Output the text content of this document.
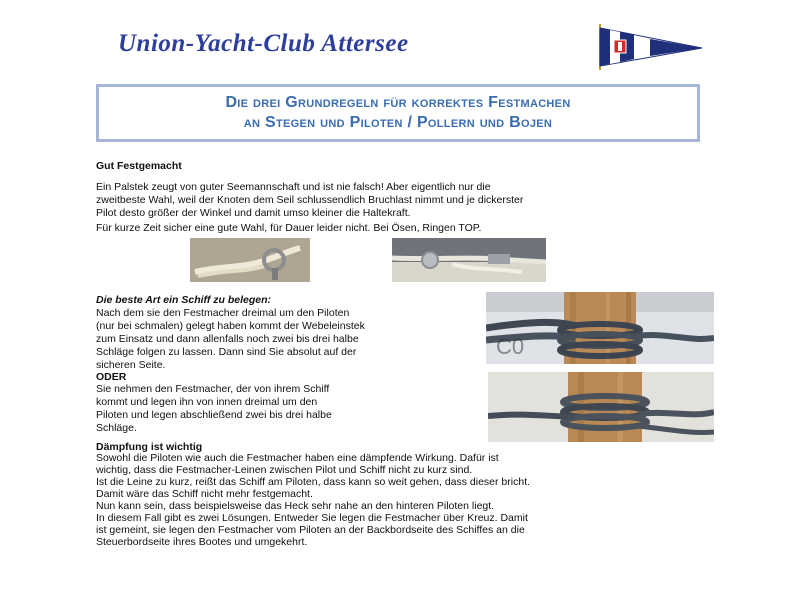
Union-Yacht-Club Attersee
Die drei Grundregeln für korrektes Festmachen
an Stegen und Piloten / Pollern und Bojen
Gut Festgemacht
Ein Palstek zeugt von guter Seemannschaft und ist nie falsch! Aber eigentlich nur die
zweitbeste Wahl, weil der Knoten dem Seil schlussendlich Bruchlast nimmt und je dickerster
Pilot desto größer der Winkel und damit umso kleiner die Haltekraft.
Für kurze Zeit sicher eine gute Wahl, für Dauer leider nicht. Bei Ösen, Ringen TOP.
Die beste Art ein Schiff zu belegen:
Nach dem sie den Festmacher dreimal um den Piloten
(nur bei schmalen) gelegt haben kommt der Webeleinstek
zum Einsatz und dann allenfalls noch zwei bis drei halbe
Schläge folgen zu lassen. Dann sind Sie absolut auf der
sicheren Seite.
ODER
Sie nehmen den Festmacher, der von ihrem Schiff
kommt und legen ihn von innen dreimal um den
Piloten und legen abschließend zwei bis drei halbe
Schläge.
C0
Dämpfung ist wichtig
Sowohl die Piloten wie auch die Festmacher haben eine dämpfende Wirkung. Dafür ist
wichtig, dass die Festmacher-Leinen zwischen Pilot und Schiff nicht zu kurz sind.
Ist die Leine zu kurz, reißt das Schiff am Piloten, dass kann so weit gehen, dass dieser bricht.
Damit wäre das Schiff nicht mehr festgemacht.
Nun kann sein, dass beispielsweise das Heck sehr nahe an den hinteren Piloten liegt.
In diesem Fall gibt es zwei Lösungen. Entweder Sie legen die Festmacher über Kreuz. Damit
ist gemeint, sie legen den Festmacher vom Piloten an der Backbordseite des Schiffes an die
Steuerbordseite ihres Bootes und umgekehrt.
